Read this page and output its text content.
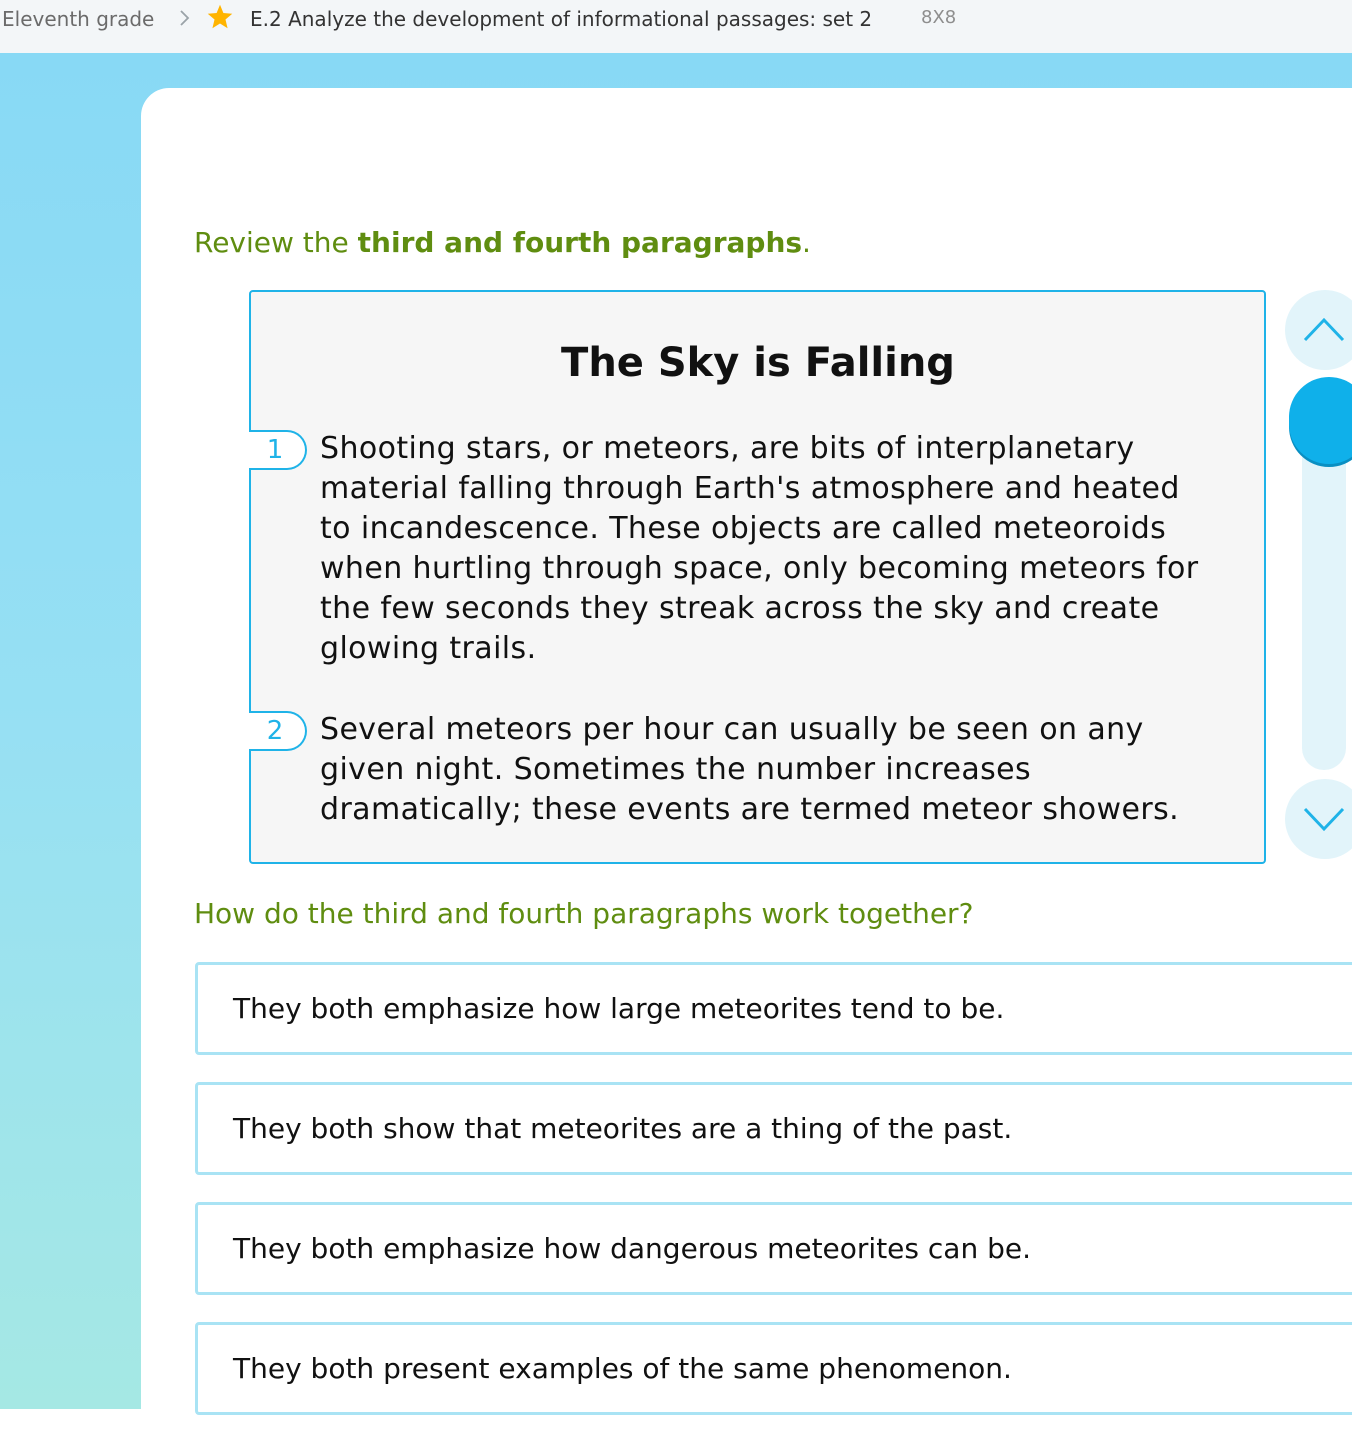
Eleventh grade	E.2 Analyze the development of informational passages: set 2	8X8
Review the third and fourth paragraphs.
The Sky is Falling
1	Shooting stars, or meteors, are bits of interplanetary material falling through Earth's atmosphere and heated to incandescence. These objects are called meteoroids when hurtling through space, only becoming meteors for the few seconds they streak across the sky and create glowing trails.
2	Several meteors per hour can usually be seen on any given night. Sometimes the number increases dramatically; these events are termed meteor showers.
How do the third and fourth paragraphs work together?
They both emphasize how large meteorites tend to be.
They both show that meteorites are a thing of the past.
They both emphasize how dangerous meteorites can be.
They both present examples of the same phenomenon.
